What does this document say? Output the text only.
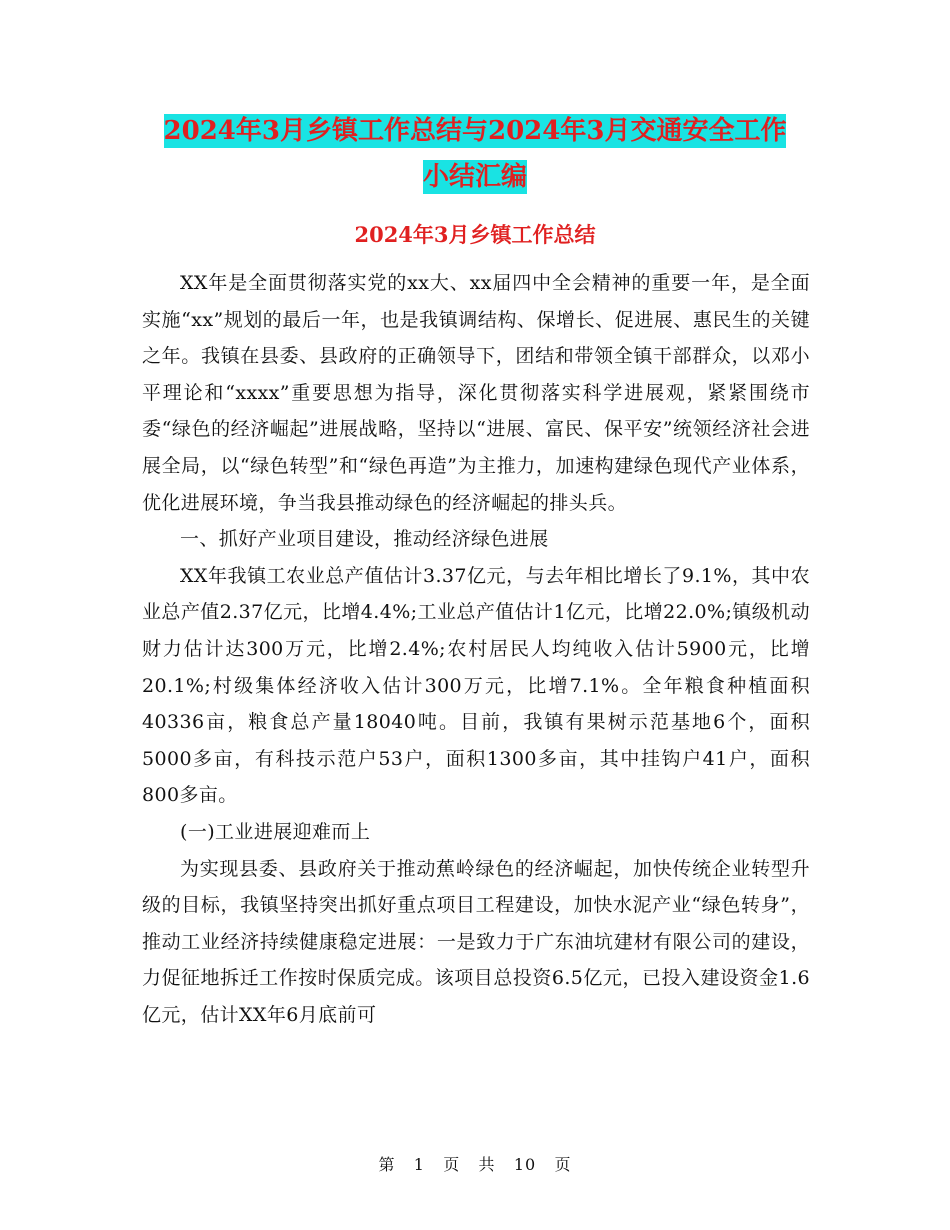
2024年3月乡镇工作总结与2024年3月交通安全工作
小结汇编
2024年3月乡镇工作总结

XX年是全面贯彻落实党的xx大、xx届四中全会精神的重要一年，是全面实施“xx”规划的最后一年，也是我镇调结构、保增长、促进展、惠民生的关键之年。我镇在县委、县政府的正确领导下，团结和带领全镇干部群众，以邓小平理论和“xxxx”重要思想为指导，深化贯彻落实科学进展观，紧紧围绕市委“绿色的经济崛起”进展战略，坚持以“进展、富民、保平安”统领经济社会进展全局，以“绿色转型”和“绿色再造”为主推力，加速构建绿色现代产业体系，优化进展环境，争当我县推动绿色的经济崛起的排头兵。

一、抓好产业项目建设，推动经济绿色进展

XX年我镇工农业总产值估计3.37亿元，与去年相比增长了9.1%，其中农业总产值2.37亿元，比增4.4%;工业总产值估计1亿元，比增22.0%;镇级机动财力估计达300万元，比增2.4%;农村居民人均纯收入估计5900元，比增20.1%;村级集体经济收入估计300万元，比增7.1%。全年粮食种植面积40336亩，粮食总产量18040吨。目前，我镇有果树示范基地6个，面积5000多亩，有科技示范户53户，面积1300多亩，其中挂钩户41户，面积800多亩。

(一)工业进展迎难而上

为实现县委、县政府关于推动蕉岭绿色的经济崛起，加快传统企业转型升级的目标，我镇坚持突出抓好重点项目工程建设，加快水泥产业“绿色转身”，推动工业经济持续健康稳定进展：一是致力于广东油坑建材有限公司的建设，力促征地拆迁工作按时保质完成。该项目总投资6.5亿元，已投入建设资金1.6亿元，估计XX年6月底前可

第 1 页 共 10 页
